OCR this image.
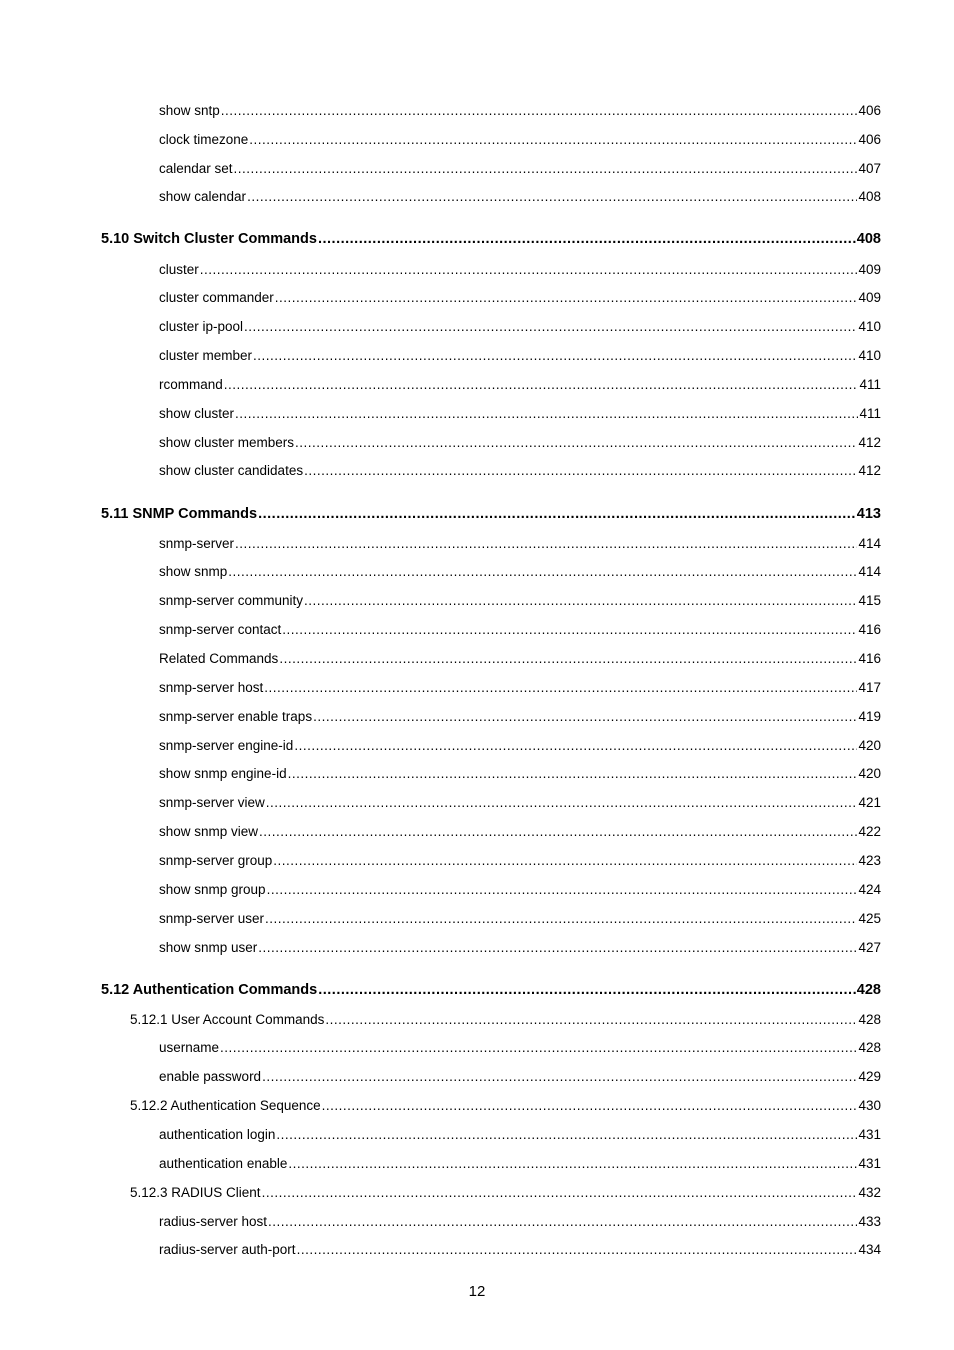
show sntp .....	406
clock timezone .....	406
calendar set .....	407
show calendar .....	408
5.10 Switch Cluster Commands .....	408
cluster .....	409
cluster commander .....	409
cluster ip-pool .....	410
cluster member .....	410
rcommand .....	411
show cluster .....	411
show cluster members .....	412
show cluster candidates .....	412
5.11 SNMP Commands .....	413
snmp-server .....	414
show snmp .....	414
snmp-server community .....	415
snmp-server contact .....	416
Related Commands .....	416
snmp-server host .....	417
snmp-server enable traps .....	419
snmp-server engine-id .....	420
show snmp engine-id .....	420
snmp-server view .....	421
show snmp view .....	422
snmp-server group .....	423
show snmp group .....	424
snmp-server user .....	425
show snmp user .....	427
5.12 Authentication Commands .....	428
5.12.1 User Account Commands .....	428
username .....	428
enable password .....	429
5.12.2 Authentication Sequence .....	430
authentication login .....	431
authentication enable .....	431
5.12.3 RADIUS Client .....	432
radius-server host .....	433
radius-server auth-port .....	434
12
